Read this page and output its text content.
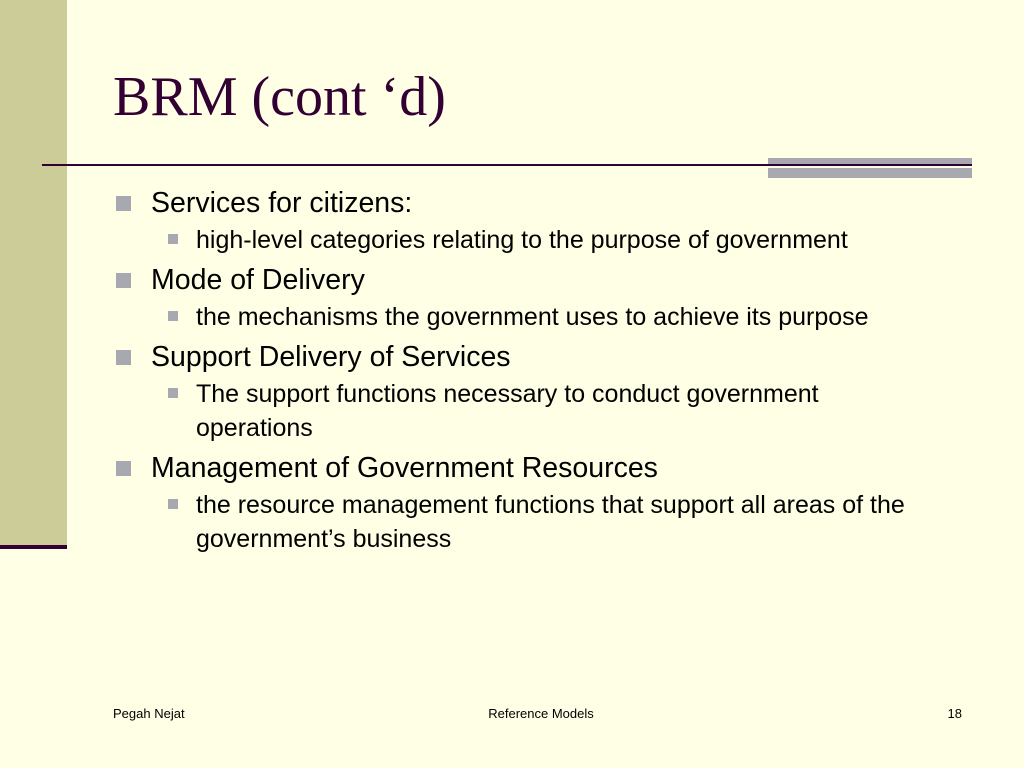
BRM (cont ‘d)
Services for citizens:
high-level categories relating to the purpose of government
Mode of Delivery
the mechanisms the government uses to achieve its purpose
Support Delivery of Services
The support functions necessary to conduct government operations
Management of Government Resources
the resource management functions that support all areas of the government’s business
Pegah Nejat	Reference Models	18
